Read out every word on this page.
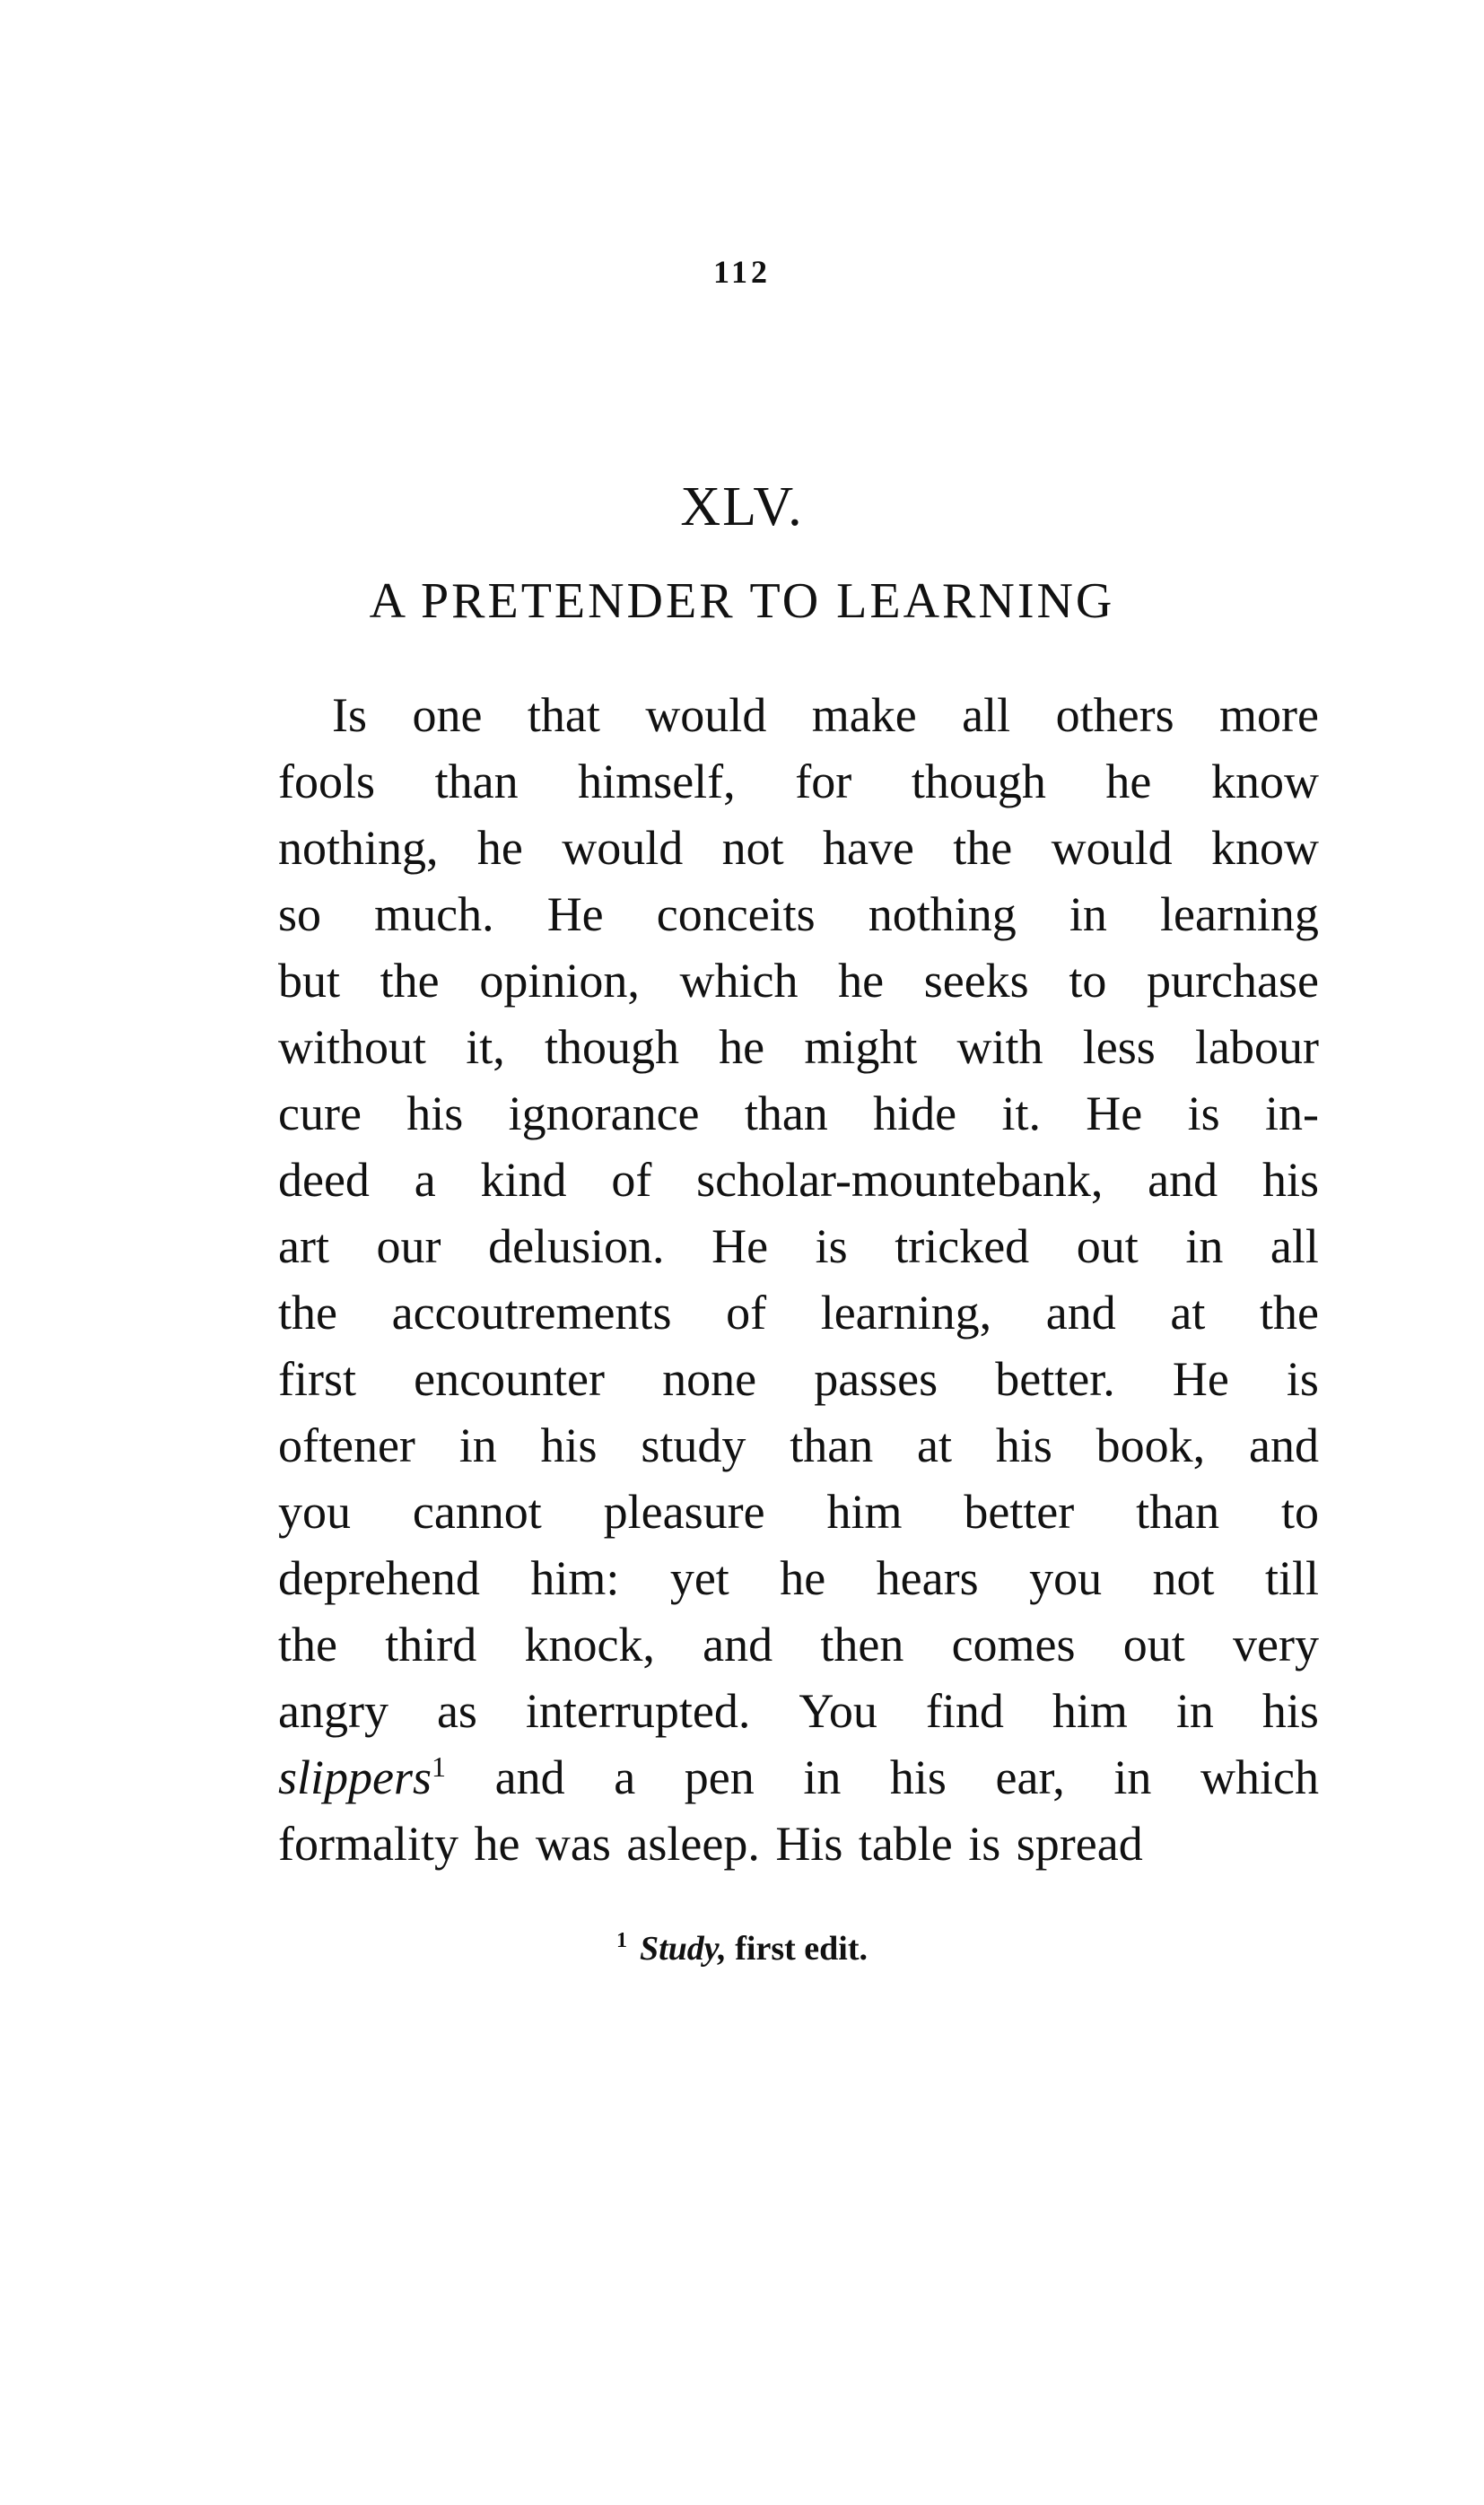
112
XLV.
A PRETENDER TO LEARNING
Is one that would make all others more
fools than himself, for though he know
nothing, he would not have the would know
so much. He conceits nothing in learning
but the opinion, which he seeks to purchase
without it, though he might with less labour
cure his ignorance than hide it. He is in-
deed a kind of scholar-mountebank, and his
art our delusion. He is tricked out in all
the accoutrements of learning, and at the
first encounter none passes better. He is
oftener in his study than at his book, and
you cannot pleasure him better than to
deprehend him: yet he hears you not till
the third knock, and then comes out very
angry as interrupted. You find him in his
slippers$^1$ and a pen in his ear, in which
formality he was asleep. His table is spread
$^1$ Study, first edit.
